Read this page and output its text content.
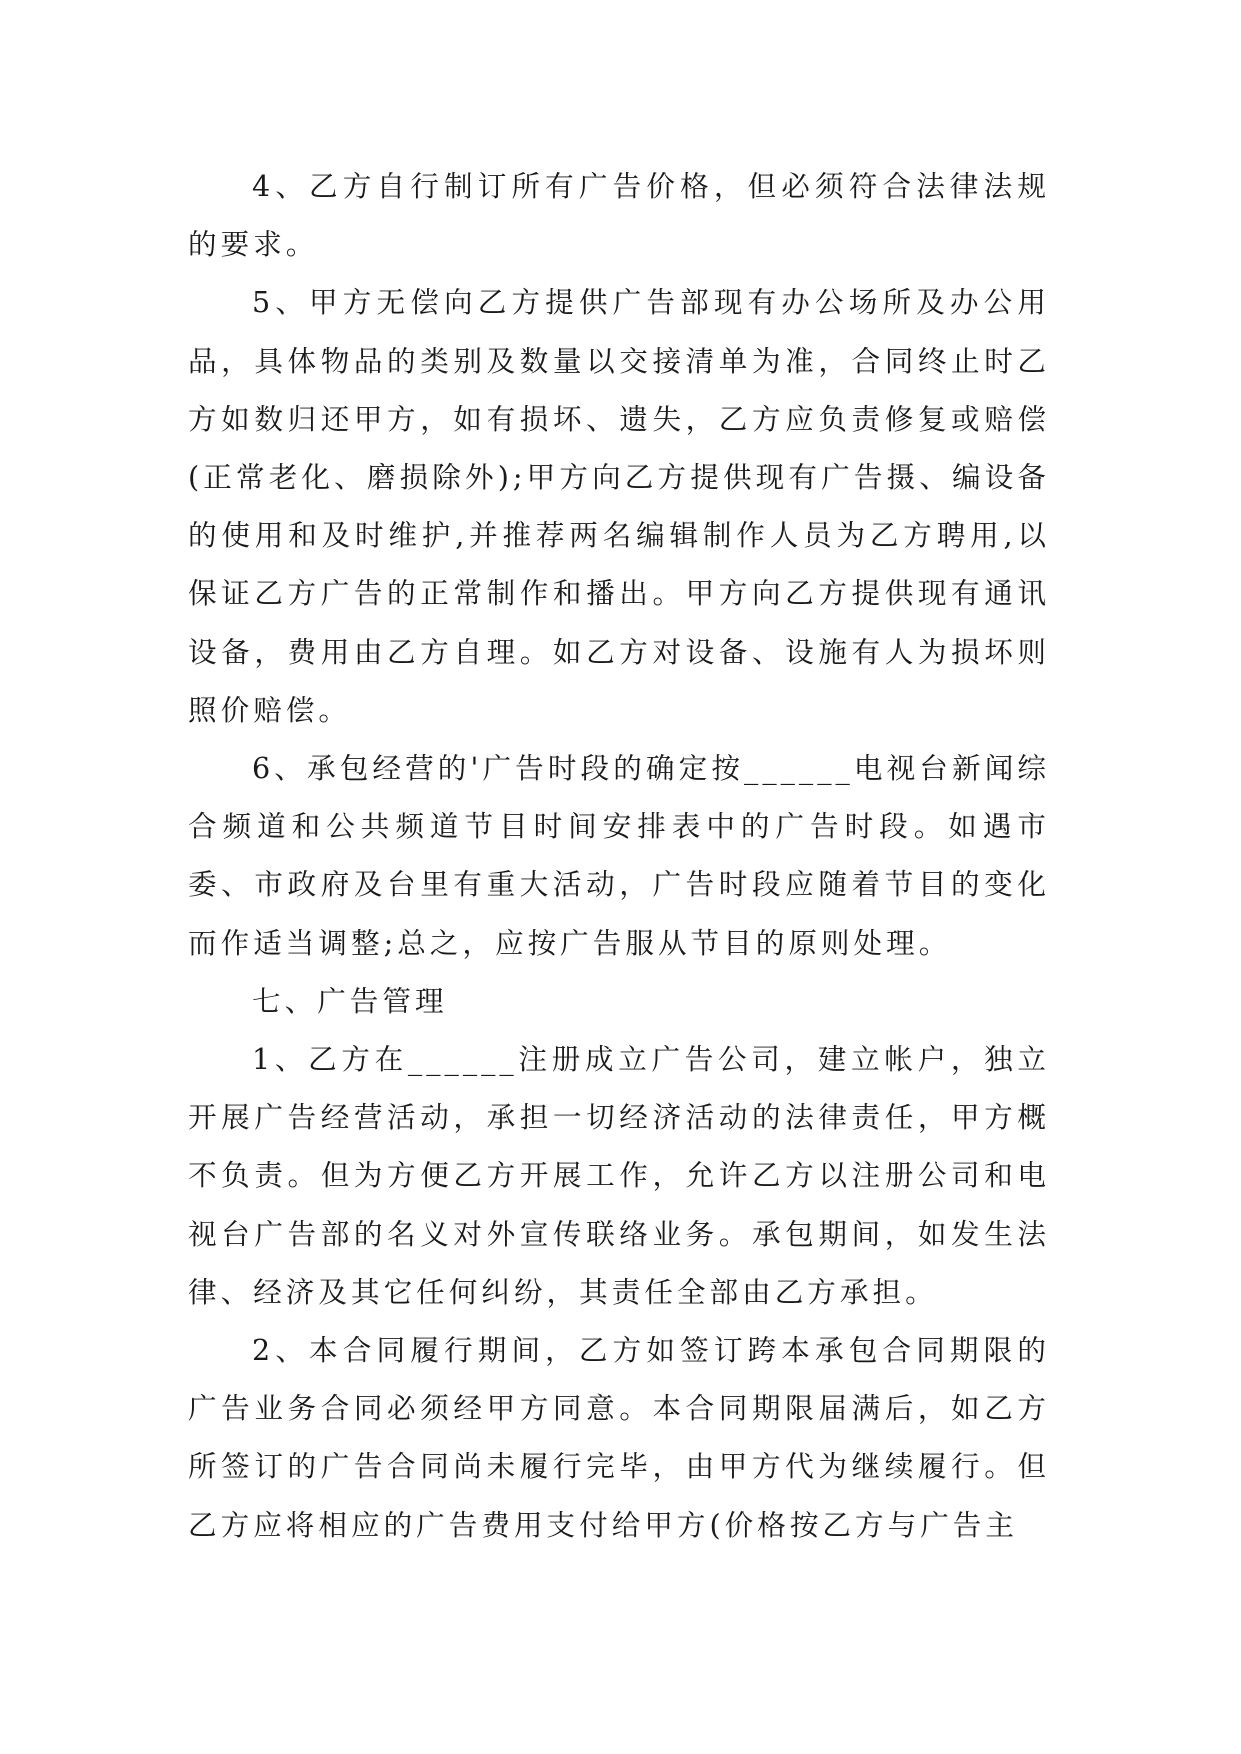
4、乙方自行制订所有广告价格，但必须符合法律法规的要求。

5、甲方无偿向乙方提供广告部现有办公场所及办公用品，具体物品的类别及数量以交接清单为准，合同终止时乙方如数归还甲方，如有损坏、遗失，乙方应负责修复或赔偿(正常老化、磨损除外);甲方向乙方提供现有广告摄、编设备的使用和及时维护,并推荐两名编辑制作人员为乙方聘用,以保证乙方广告的正常制作和播出。甲方向乙方提供现有通讯设备，费用由乙方自理。如乙方对设备、设施有人为损坏则照价赔偿。

6、承包经营的'广告时段的确定按______电视台新闻综合频道和公共频道节目时间安排表中的广告时段。如遇市委、市政府及台里有重大活动，广告时段应随着节目的变化而作适当调整;总之，应按广告服从节目的原则处理。

七、广告管理

1、乙方在______注册成立广告公司，建立帐户，独立开展广告经营活动，承担一切经济活动的法律责任，甲方概不负责。但为方便乙方开展工作，允许乙方以注册公司和电视台广告部的名义对外宣传联络业务。承包期间，如发生法律、经济及其它任何纠纷，其责任全部由乙方承担。

2、本合同履行期间，乙方如签订跨本承包合同期限的广告业务合同必须经甲方同意。本合同期限届满后，如乙方所签订的广告合同尚未履行完毕，由甲方代为继续履行。但乙方应将相应的广告费用支付给甲方(价格按乙方与广告主
